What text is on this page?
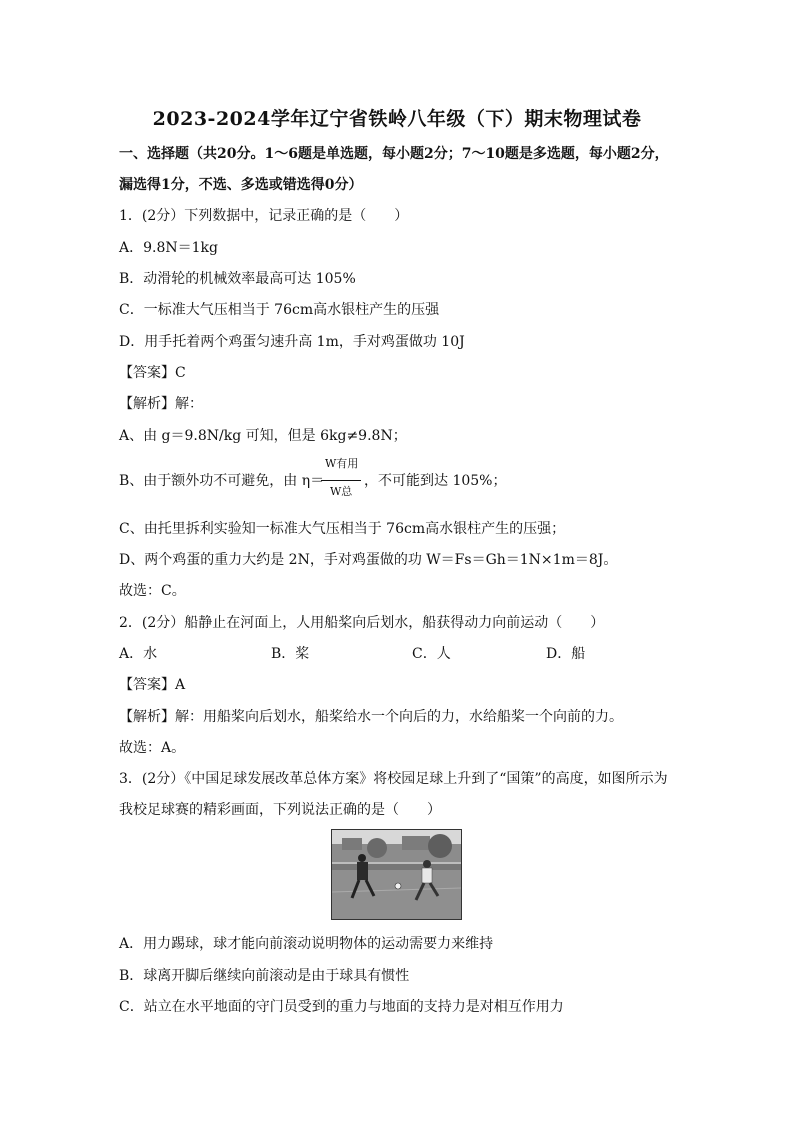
2023-2024学年辽宁省铁岭八年级（下）期末物理试卷
一、选择题（共20分。1～6题是单选题，每小题2分；7～10题是多选题，每小题2分，
漏选得1分，不选、多选或错选得0分）
1．(2分）下列数据中，记录正确的是（　　）
A．9.8N＝1kg
B．动滑轮的机械效率最高可达 105%
C．一标准大气压相当于 76cm高水银柱产生的压强
D．用手托着两个鸡蛋匀速升高 1m，手对鸡蛋做功 10J
【答案】C
【解析】解：
A、由 g＝9.8N/kg 可知，但是 6kg≠9.8N；
B、由于额外功不可避免，由 η＝
W有用
W总
，不可能到达 105%；
C、由托里拆利实验知一标准大气压相当于 76cm高水银柱产生的压强；
D、两个鸡蛋的重力大约是 2N，手对鸡蛋做的功 W＝Fs＝Gh＝1N×1m＝8J。
故选：C。
2．(2分）船静止在河面上，人用船桨向后划水，船获得动力向前运动（　　）
A．水	B．桨	C．人	D．船
【答案】A
【解析】解：用船桨向后划水，船桨给水一个向后的力，水给船桨一个向前的力。
故选：A。
3．(2分）《中国足球发展改革总体方案》将校园足球上升到了“国策”的高度，如图所示为
我校足球赛的精彩画面，下列说法正确的是（　　）
A．用力踢球，球才能向前滚动说明物体的运动需要力来维持
B．球离开脚后继续向前滚动是由于球具有惯性
C．站立在水平地面的守门员受到的重力与地面的支持力是对相互作用力
